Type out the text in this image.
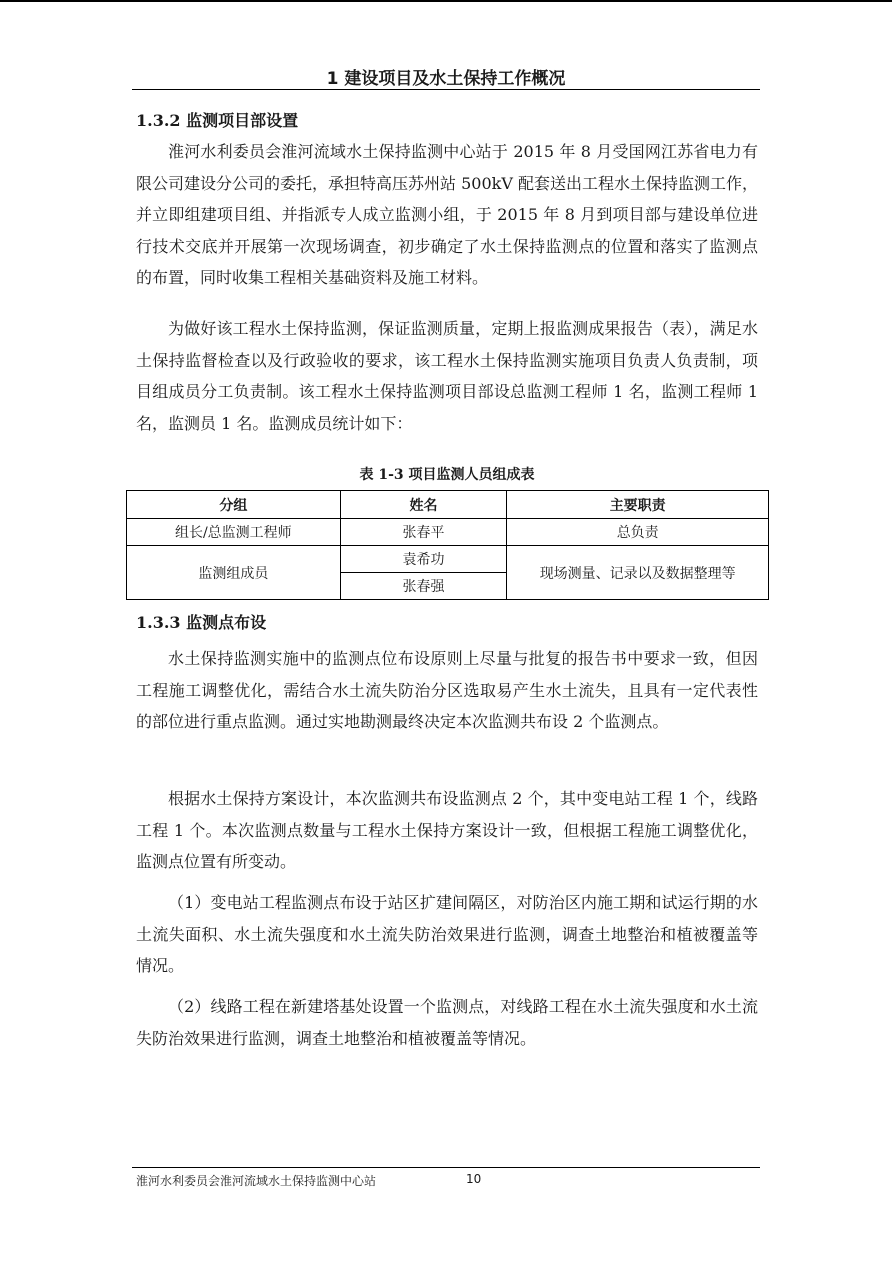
1 建设项目及水土保持工作概况
1.3.2 监测项目部设置

淮河水利委员会淮河流域水土保持监测中心站于 2015 年 8 月受国网江苏省电力有限公司建设分公司的委托，承担特高压苏州站 500kV 配套送出工程水土保持监测工作，并立即组建项目组、并指派专人成立监测小组，于 2015 年 8 月到项目部与建设单位进行技术交底并开展第一次现场调查，初步确定了水土保持监测点的位置和落实了监测点的布置，同时收集工程相关基础资料及施工材料。

为做好该工程水土保持监测，保证监测质量，定期上报监测成果报告（表），满足水土保持监督检查以及行政验收的要求，该工程水土保持监测实施项目负责人负责制，项目组成员分工负责制。该工程水土保持监测项目部设总监测工程师 1 名，监测工程师 1 名，监测员 1 名。监测成员统计如下：

表 1-3 项目监测人员组成表
分组	姓名	主要职责
组长/总监测工程师	张春平	总负责
监测组成员	袁希功	现场测量、记录以及数据整理等
	张春强	
1.3.3 监测点布设

水土保持监测实施中的监测点位布设原则上尽量与批复的报告书中要求一致，但因工程施工调整优化，需结合水土流失防治分区选取易产生水土流失，且具有一定代表性的部位进行重点监测。通过实地勘测最终决定本次监测共布设 2 个监测点。

根据水土保持方案设计，本次监测共布设监测点 2 个，其中变电站工程 1 个，线路工程 1 个。本次监测点数量与工程水土保持方案设计一致，但根据工程施工调整优化，监测点位置有所变动。

（1）变电站工程监测点布设于站区扩建间隔区，对防治区内施工期和试运行期的水土流失面积、水土流失强度和水土流失防治效果进行监测，调查土地整治和植被覆盖等情况。

（2）线路工程在新建塔基处设置一个监测点，对线路工程在水土流失强度和水土流失防治效果进行监测，调查土地整治和植被覆盖等情况。

淮河水利委员会淮河流域水土保持监测中心站	10
